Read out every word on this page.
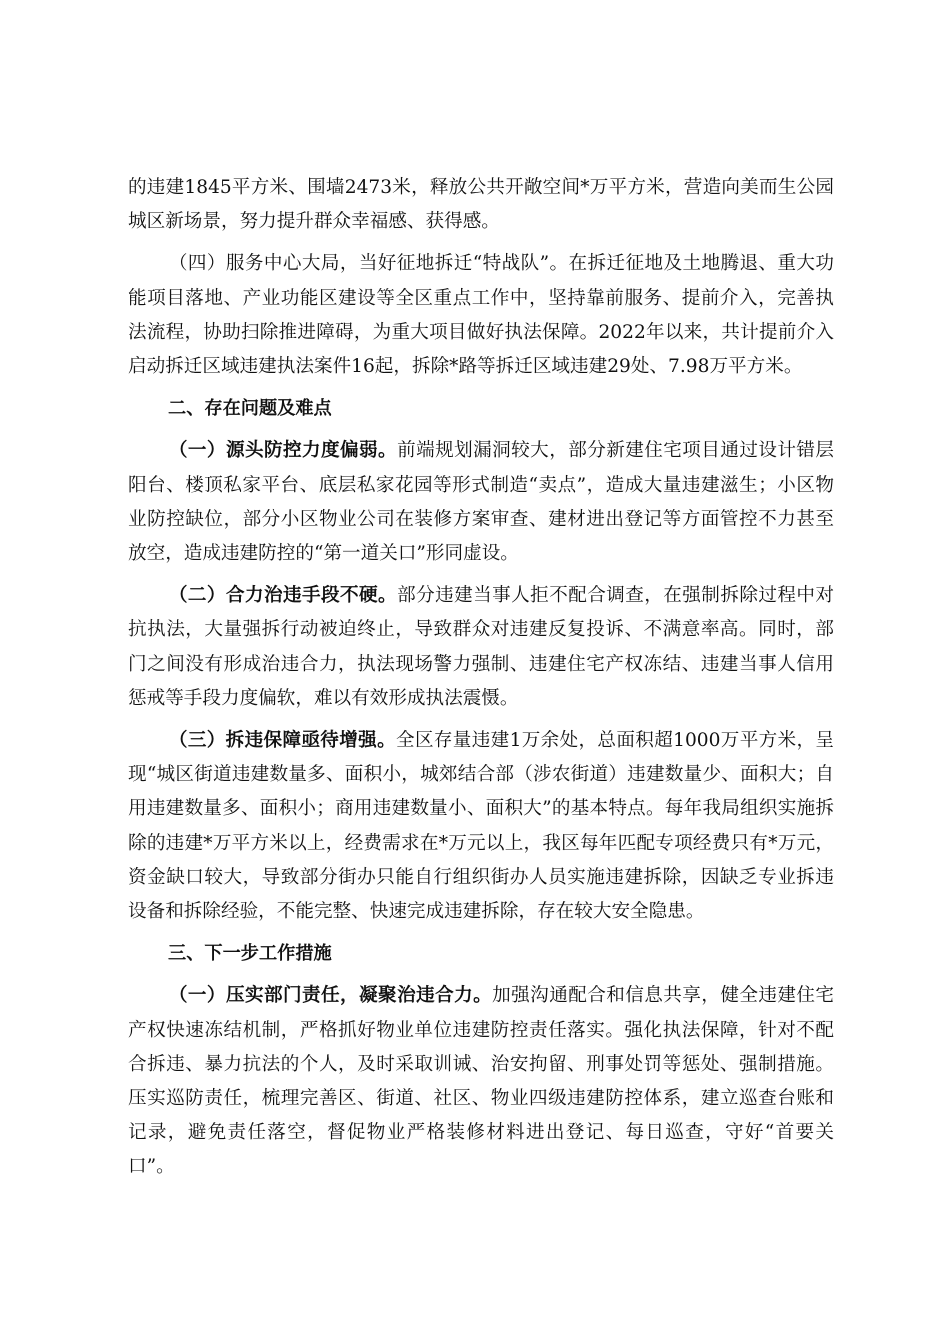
的违建1845平方米、围墙2473米，释放公共开敞空间*万平方米，营造向美而生公园城区新场景，努力提升群众幸福感、获得感。

（四）服务中心大局，当好征地拆迁“特战队”。在拆迁征地及土地腾退、重大功能项目落地、产业功能区建设等全区重点工作中，坚持靠前服务、提前介入，完善执法流程，协助扫除推进障碍，为重大项目做好执法保障。2022年以来，共计提前介入启动拆迁区域违建执法案件16起，拆除*路等拆迁区域违建29处、7.98万平方米。

二、存在问题及难点

（一）源头防控力度偏弱。前端规划漏洞较大，部分新建住宅项目通过设计错层阳台、楼顶私家平台、底层私家花园等形式制造“卖点”，造成大量违建滋生；小区物业防控缺位，部分小区物业公司在装修方案审查、建材进出登记等方面管控不力甚至放空，造成违建防控的“第一道关口”形同虚设。

（二）合力治违手段不硬。部分违建当事人拒不配合调查，在强制拆除过程中对抗执法，大量强拆行动被迫终止，导致群众对违建反复投诉、不满意率高。同时，部门之间没有形成治违合力，执法现场警力强制、违建住宅产权冻结、违建当事人信用惩戒等手段力度偏软，难以有效形成执法震慑。

（三）拆违保障亟待增强。全区存量违建1万余处，总面积超1000万平方米，呈现“城区街道违建数量多、面积小，城郊结合部（涉农街道）违建数量少、面积大；自用违建数量多、面积小；商用违建数量小、面积大”的基本特点。每年我局组织实施拆除的违建*万平方米以上，经费需求在*万元以上，我区每年匹配专项经费只有*万元，资金缺口较大，导致部分街办只能自行组织街办人员实施违建拆除，因缺乏专业拆违设备和拆除经验，不能完整、快速完成违建拆除，存在较大安全隐患。

三、下一步工作措施

（一）压实部门责任，凝聚治违合力。加强沟通配合和信息共享，健全违建住宅产权快速冻结机制，严格抓好物业单位违建防控责任落实。强化执法保障，针对不配合拆违、暴力抗法的个人，及时采取训诫、治安拘留、刑事处罚等惩处、强制措施。压实巡防责任，梳理完善区、街道、社区、物业四级违建防控体系，建立巡查台账和记录，避免责任落空，督促物业严格装修材料进出登记、每日巡查，守好“首要关口”。
